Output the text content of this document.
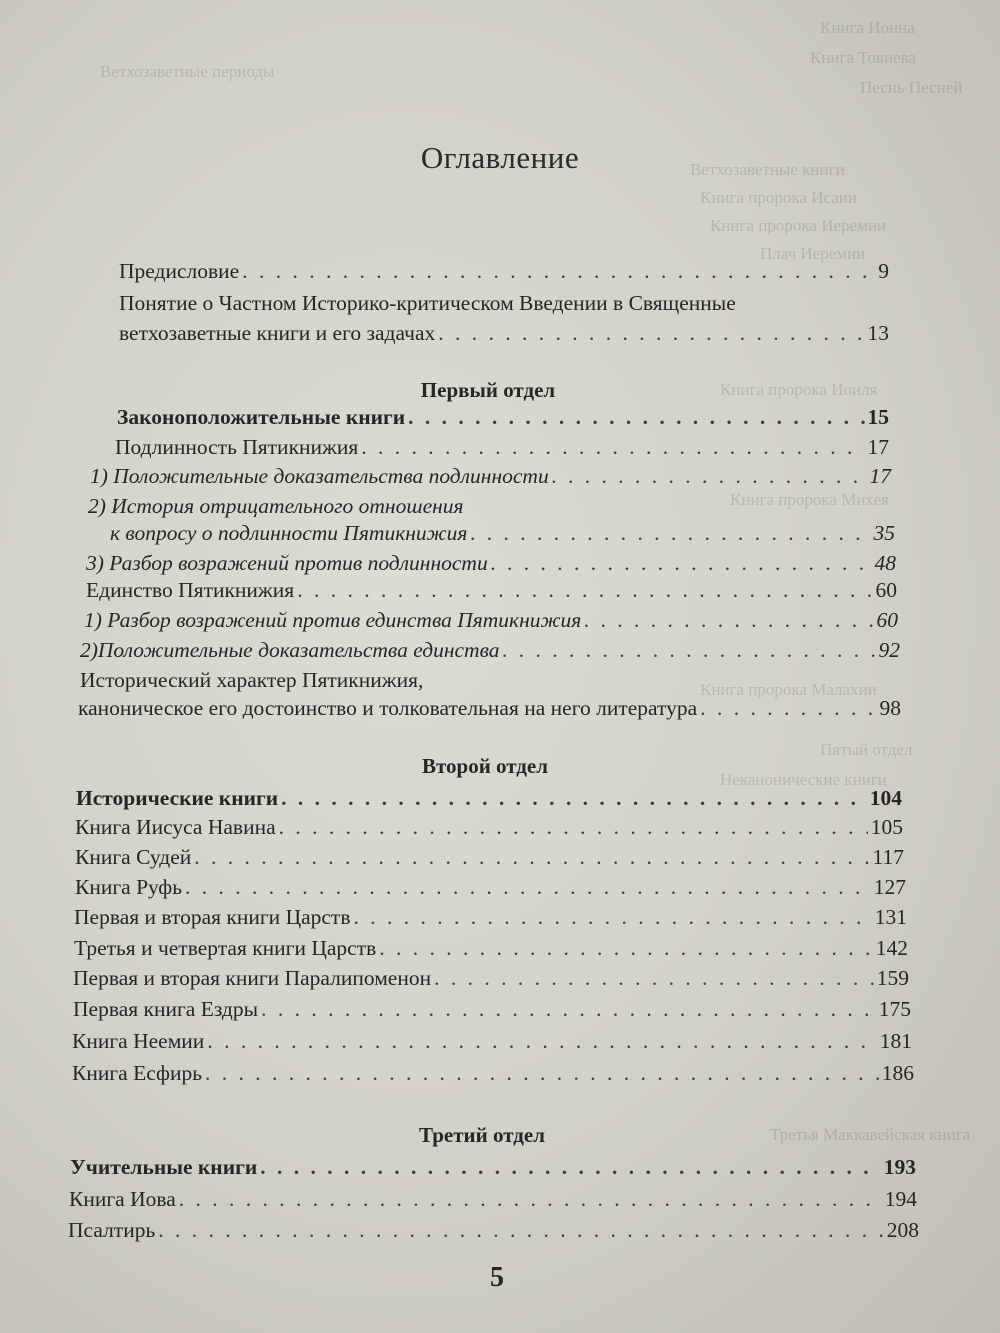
Книга Ионна
Книга Товиева
Песнь Песней
Ветхозаветные периоды
Ветхозаветные книги
Книга пророка Исаии
Книга пророка Иеремии
Плач Иеремии
Книга пророка Иоиля
Книга пророка Михея
Книга пророка Малахии
Пятый отдел
Неканонические книги
Третья Маккавейская книга
Оглавление
Предисловие . . .	9
Понятие о Частном Историко-критическом Введении в Священные
ветхозаветные книги и его задачах . . .	13
Первый отдел
Законоположительные книги . . .	15
Подлинность Пятикнижия . . .	17
1) Положительные доказательства подлинности . . .	17
2) История отрицательного отношения
к вопросу о подлинности Пятикнижия . . .	35
3) Разбор возражений против подлинности . . .	48
Единство Пятикнижия . . .	60
1) Разбор возражений против единства Пятикнижия . . .	60
2)Положительные доказательства единства . . .	92
Исторический характер Пятикнижия,
каноническое его достоинство и толковательная на него литература . . .	98
Второй отдел
Исторические книги . . .	104
Книга Иисуса Навина . . .	105
Книга Судей . . .	117
Книга Руфь . . .	127
Первая и вторая книги Царств . . .	131
Третья и четвертая книги Царств . . .	142
Первая и вторая книги Паралипоменон . . .	159
Первая книга Ездры . . .	175
Книга Неемии . . .	181
Книга Есфирь . . .	186
Третий отдел
Учительные книги . . .	193
Книга Иова . . .	194
Псалтирь . . .	208
5
